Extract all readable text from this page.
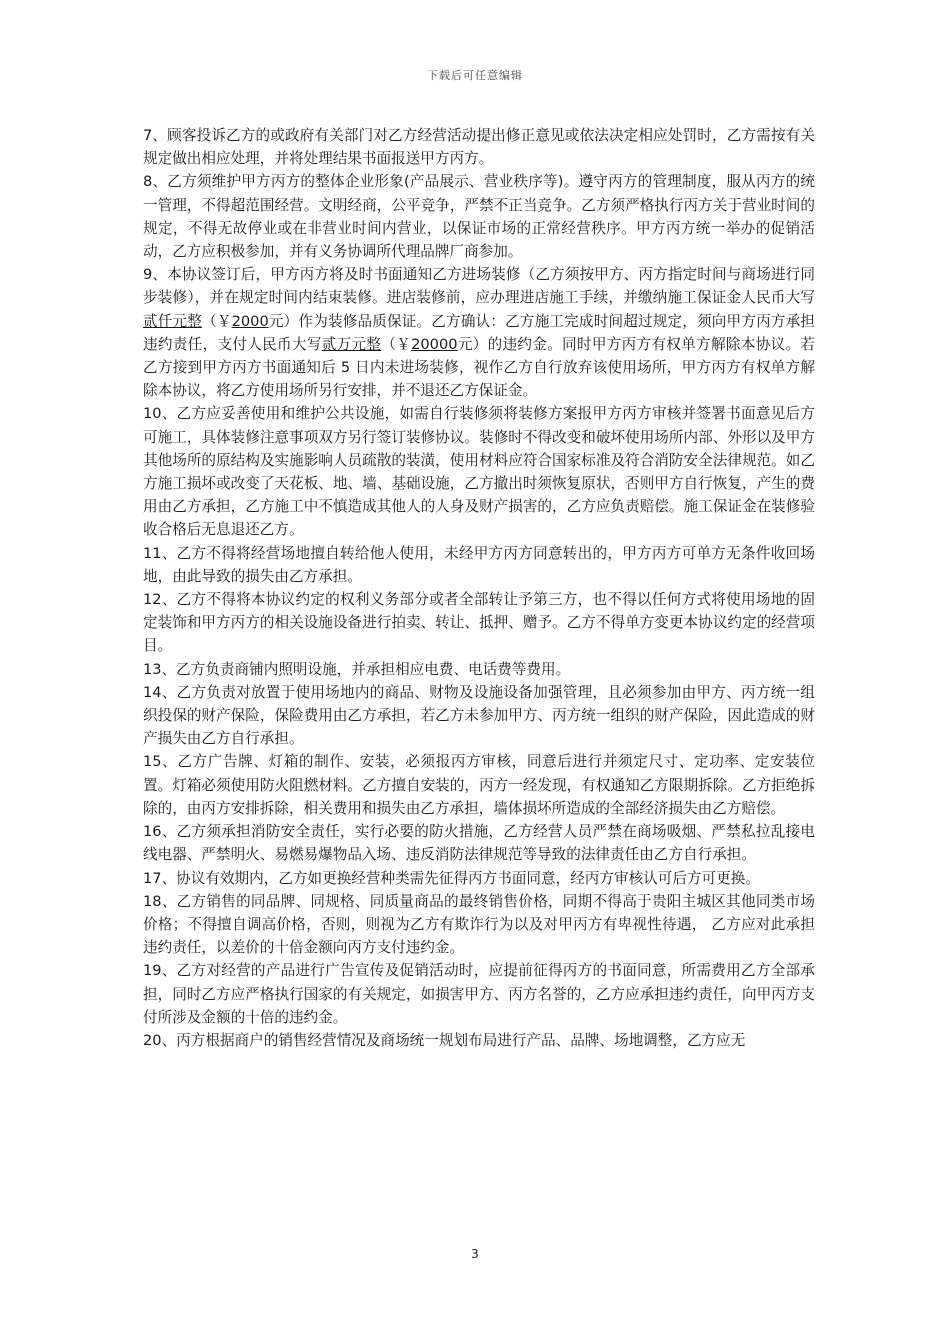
下载后可任意编辑

7、顾客投诉乙方的或政府有关部门对乙方经营活动提出修正意见或依法决定相应处罚时，乙方需按有关规定做出相应处理，并将处理结果书面报送甲方丙方。

8、乙方须维护甲方丙方的整体企业形象(产品展示、营业秩序等)。遵守丙方的管理制度，服从丙方的统一管理，不得超范围经营。文明经商，公平竞争，严禁不正当竞争。乙方须严格执行丙方关于营业时间的规定，不得无故停业或在非营业时间内营业，以保证市场的正常经营秩序。甲方丙方统一举办的促销活动，乙方应积极参加，并有义务协调所代理品牌厂商参加。

9、本协议签订后，甲方丙方将及时书面通知乙方进场装修（乙方须按甲方、丙方指定时间与商场进行同步装修），并在规定时间内结束装修。进店装修前，应办理进店施工手续，并缴纳施工保证金人民币大写贰仟元整（￥2000元）作为装修品质保证。乙方确认：乙方施工完成时间超过规定，须向甲方丙方承担违约责任，支付人民币大写贰万元整（￥20000元）的违约金。同时甲方丙方有权单方解除本协议。若乙方接到甲方丙方书面通知后 5 日内未进场装修，视作乙方自行放弃该使用场所，甲方丙方有权单方解除本协议，将乙方使用场所另行安排，并不退还乙方保证金。

10、乙方应妥善使用和维护公共设施，如需自行装修须将装修方案报甲方丙方审核并签署书面意见后方可施工，具体装修注意事项双方另行签订装修协议。装修时不得改变和破坏使用场所内部、外形以及甲方其他场所的原结构及实施影响人员疏散的装潢，使用材料应符合国家标准及符合消防安全法律规范。如乙方施工损坏或改变了天花板、地、墙、基础设施，乙方撤出时须恢复原状，否则甲方自行恢复，产生的费用由乙方承担，乙方施工中不慎造成其他人的人身及财产损害的，乙方应负责赔偿。施工保证金在装修验收合格后无息退还乙方。

11、乙方不得将经营场地擅自转给他人使用，未经甲方丙方同意转出的，甲方丙方可单方无条件收回场地，由此导致的损失由乙方承担。

12、乙方不得将本协议约定的权利义务部分或者全部转让予第三方，也不得以任何方式将使用场地的固定装饰和甲方丙方的相关设施设备进行拍卖、转让、抵押、赠予。乙方不得单方变更本协议约定的经营项目。

13、乙方负责商铺内照明设施，并承担相应电费、电话费等费用。

14、乙方负责对放置于使用场地内的商品、财物及设施设备加强管理，且必须参加由甲方、丙方统一组织投保的财产保险，保险费用由乙方承担，若乙方未参加甲方、丙方统一组织的财产保险，因此造成的财产损失由乙方自行承担。

15、乙方广告牌、灯箱的制作、安装，必须报丙方审核，同意后进行并须定尺寸、定功率、定安装位置。灯箱必须使用防火阻燃材料。乙方擅自安装的，丙方一经发现，有权通知乙方限期拆除。乙方拒绝拆除的，由丙方安排拆除，相关费用和损失由乙方承担，墙体损坏所造成的全部经济损失由乙方赔偿。

16、乙方须承担消防安全责任，实行必要的防火措施，乙方经营人员严禁在商场吸烟、严禁私拉乱接电线电器、严禁明火、易燃易爆物品入场、违反消防法律规范等导致的法律责任由乙方自行承担。

17、协议有效期内，乙方如更换经营种类需先征得丙方书面同意，经丙方审核认可后方可更换。

18、乙方销售的同品牌、同规格、同质量商品的最终销售价格，同期不得高于贵阳主城区其他同类市场价格；不得擅自调高价格，否则，则视为乙方有欺诈行为以及对甲丙方有卑视性待遇， 乙方应对此承担违约责任，以差价的十倍金额向丙方支付违约金。

19、乙方对经营的产品进行广告宣传及促销活动时，应提前征得丙方的书面同意，所需费用乙方全部承担，同时乙方应严格执行国家的有关规定，如损害甲方、丙方名誉的，乙方应承担违约责任，向甲丙方支付所涉及金额的十倍的违约金。

20、丙方根据商户的销售经营情况及商场统一规划布局进行产品、品牌、场地调整，乙方应无

3
